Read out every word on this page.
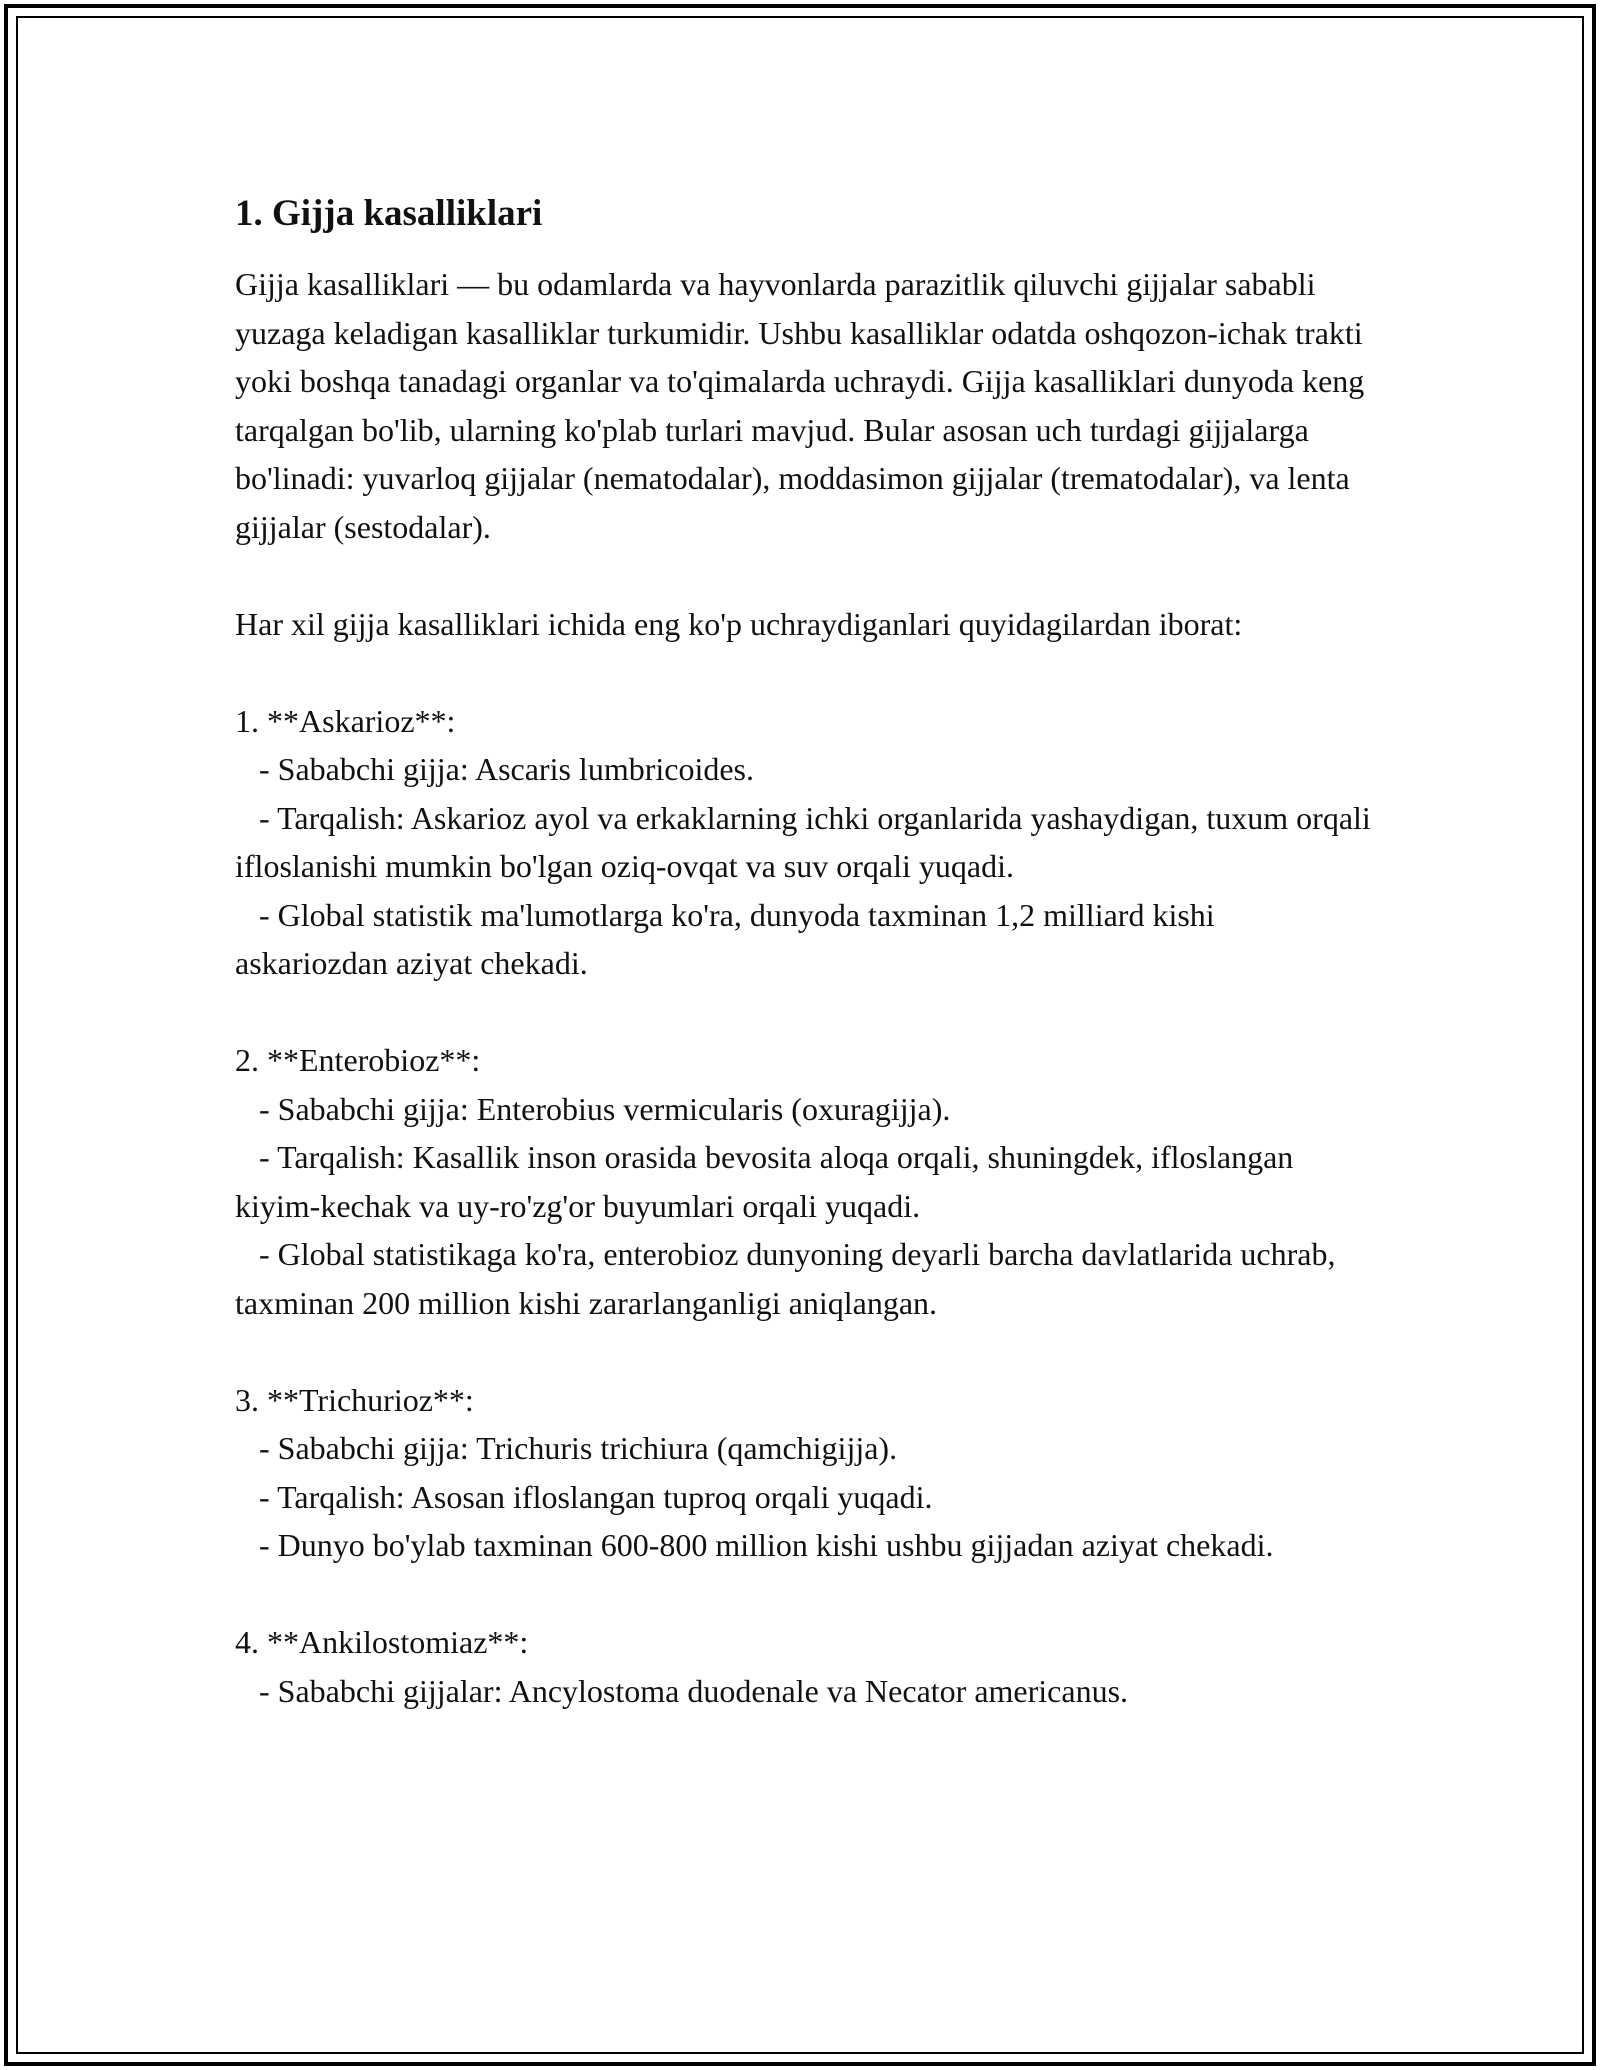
1. Gijja kasalliklari

Gijja kasalliklari — bu odamlarda va hayvonlarda parazitlik qiluvchi gijjalar sababli yuzaga keladigan kasalliklar turkumidir. Ushbu kasalliklar odatda oshqozon-ichak trakti yoki boshqa tanadagi organlar va to'qimalarda uchraydi. Gijja kasalliklari dunyoda keng tarqalgan bo'lib, ularning ko'plab turlari mavjud. Bular asosan uch turdagi gijjalarga bo'linadi: yuvarloq gijjalar (nematodalar), moddasimon gijjalar (trematodalar), va lenta gijjalar (sestodalar).

Har xil gijja kasalliklari ichida eng ko'p uchraydiganlari quyidagilardan iborat:

1. **Askarioz**:

- Sababchi gijja: Ascaris lumbricoides.

- Tarqalish: Askarioz ayol va erkaklarning ichki organlarida yashaydigan, tuxum orqali ifloslanishi mumkin bo'lgan oziq-ovqat va suv orqali yuqadi.

- Global statistik ma'lumotlarga ko'ra, dunyoda taxminan 1,2 milliard kishi askariozdan aziyat chekadi.

2. **Enterobioz**:

- Sababchi gijja: Enterobius vermicularis (oxuragijja).

- Tarqalish: Kasallik inson orasida bevosita aloqa orqali, shuningdek, ifloslangan kiyim-kechak va uy-ro'zg'or buyumlari orqali yuqadi.

- Global statistikaga ko'ra, enterobioz dunyoning deyarli barcha davlatlarida uchrab, taxminan 200 million kishi zararlanganligi aniqlangan.

3. **Trichurioz**:

- Sababchi gijja: Trichuris trichiura (qamchigijja).

- Tarqalish: Asosan ifloslangan tuproq orqali yuqadi.

- Dunyo bo'ylab taxminan 600-800 million kishi ushbu gijjadan aziyat chekadi.

4. **Ankilostomiaz**:

- Sababchi gijjalar: Ancylostoma duodenale va Necator americanus.
